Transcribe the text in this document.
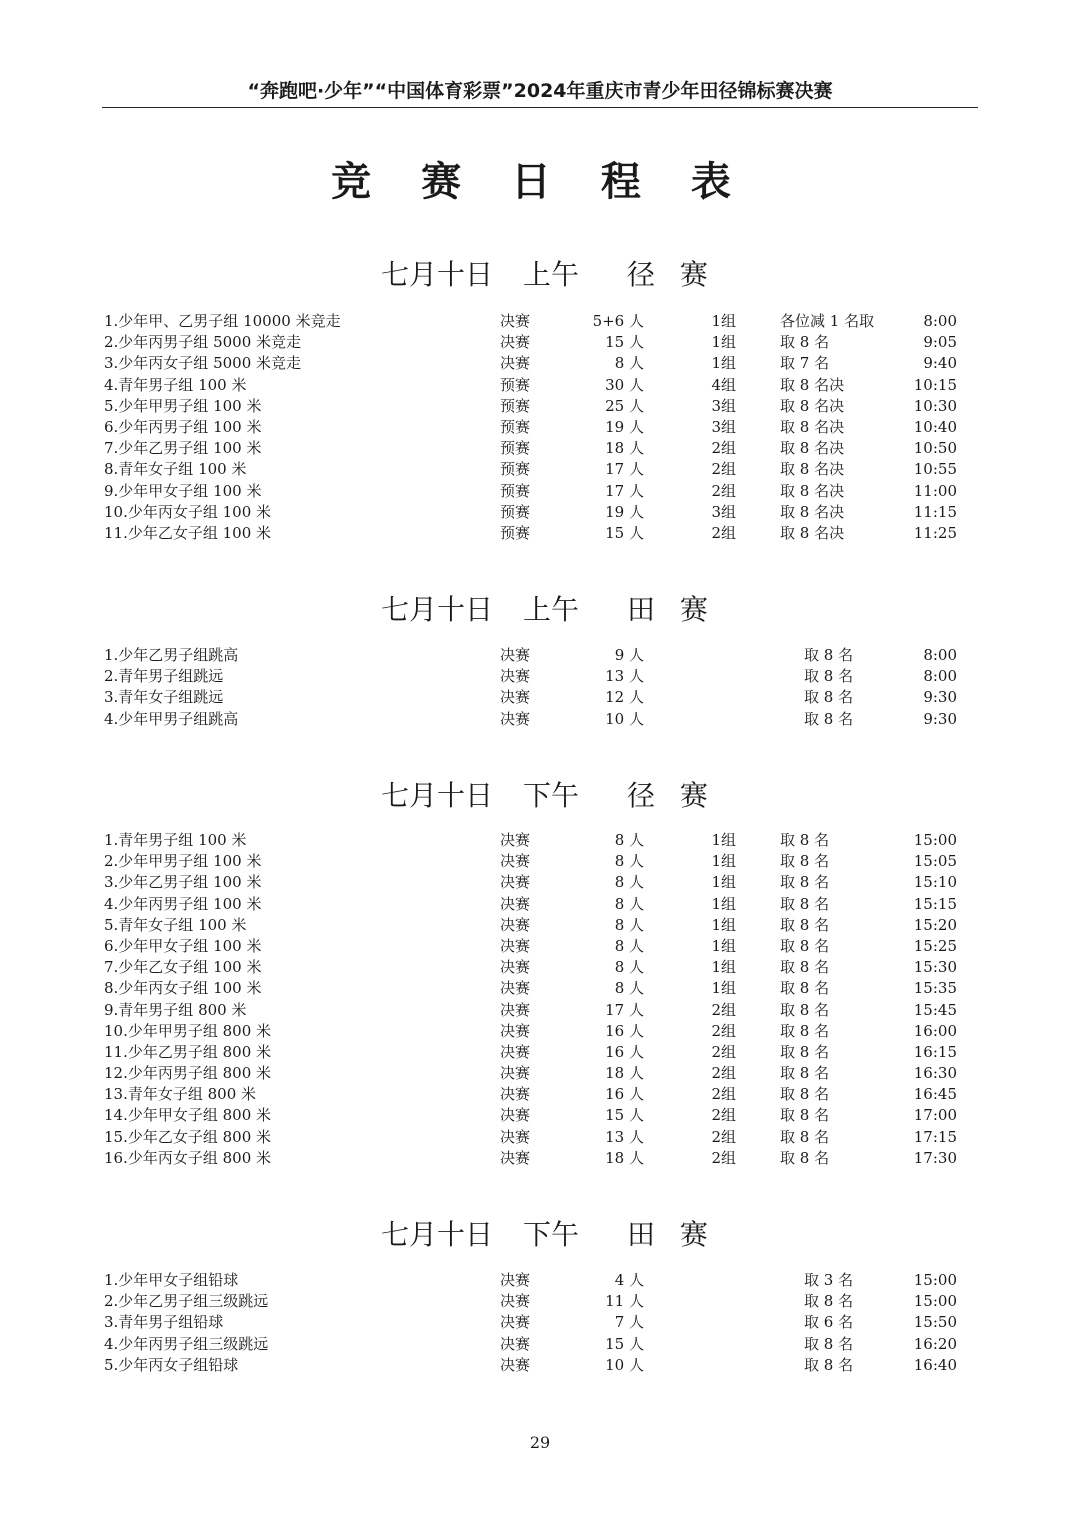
“奔跑吧·少年”“中国体育彩票”2024年重庆市青少年田径锦标赛决赛
竞 赛 日 程 表
七月十日 上午 径 赛
1.少年甲、乙男子组 10000 米竞走	决赛	5+6 人	1组	各位减 1 名取	8:00
2.少年丙男子组 5000 米竞走	决赛	15 人	1组	取 8 名	9:05
3.少年丙女子组 5000 米竞走	决赛	8 人	1组	取 7 名	9:40
4.青年男子组 100 米	预赛	30 人	4组	取 8 名决	10:15
5.少年甲男子组 100 米	预赛	25 人	3组	取 8 名决	10:30
6.少年丙男子组 100 米	预赛	19 人	3组	取 8 名决	10:40
7.少年乙男子组 100 米	预赛	18 人	2组	取 8 名决	10:50
8.青年女子组 100 米	预赛	17 人	2组	取 8 名决	10:55
9.少年甲女子组 100 米	预赛	17 人	2组	取 8 名决	11:00
10.少年丙女子组 100 米	预赛	19 人	3组	取 8 名决	11:15
11.少年乙女子组 100 米	预赛	15 人	2组	取 8 名决	11:25
七月十日 上午 田 赛
1.少年乙男子组跳高	决赛	9 人	取 8 名	8:00
2.青年男子组跳远	决赛	13 人	取 8 名	8:00
3.青年女子组跳远	决赛	12 人	取 8 名	9:30
4.少年甲男子组跳高	决赛	10 人	取 8 名	9:30
七月十日 下午 径 赛
1.青年男子组 100 米	决赛	8 人	1组	取 8 名	15:00
2.少年甲男子组 100 米	决赛	8 人	1组	取 8 名	15:05
3.少年乙男子组 100 米	决赛	8 人	1组	取 8 名	15:10
4.少年丙男子组 100 米	决赛	8 人	1组	取 8 名	15:15
5.青年女子组 100 米	决赛	8 人	1组	取 8 名	15:20
6.少年甲女子组 100 米	决赛	8 人	1组	取 8 名	15:25
7.少年乙女子组 100 米	决赛	8 人	1组	取 8 名	15:30
8.少年丙女子组 100 米	决赛	8 人	1组	取 8 名	15:35
9.青年男子组 800 米	决赛	17 人	2组	取 8 名	15:45
10.少年甲男子组 800 米	决赛	16 人	2组	取 8 名	16:00
11.少年乙男子组 800 米	决赛	16 人	2组	取 8 名	16:15
12.少年丙男子组 800 米	决赛	18 人	2组	取 8 名	16:30
13.青年女子组 800 米	决赛	16 人	2组	取 8 名	16:45
14.少年甲女子组 800 米	决赛	15 人	2组	取 8 名	17:00
15.少年乙女子组 800 米	决赛	13 人	2组	取 8 名	17:15
16.少年丙女子组 800 米	决赛	18 人	2组	取 8 名	17:30
七月十日 下午 田 赛
1.少年甲女子组铅球	决赛	4 人	取 3 名	15:00
2.少年乙男子组三级跳远	决赛	11 人	取 8 名	15:00
3.青年男子组铅球	决赛	7 人	取 6 名	15:50
4.少年丙男子组三级跳远	决赛	15 人	取 8 名	16:20
5.少年丙女子组铅球	决赛	10 人	取 8 名	16:40
29
